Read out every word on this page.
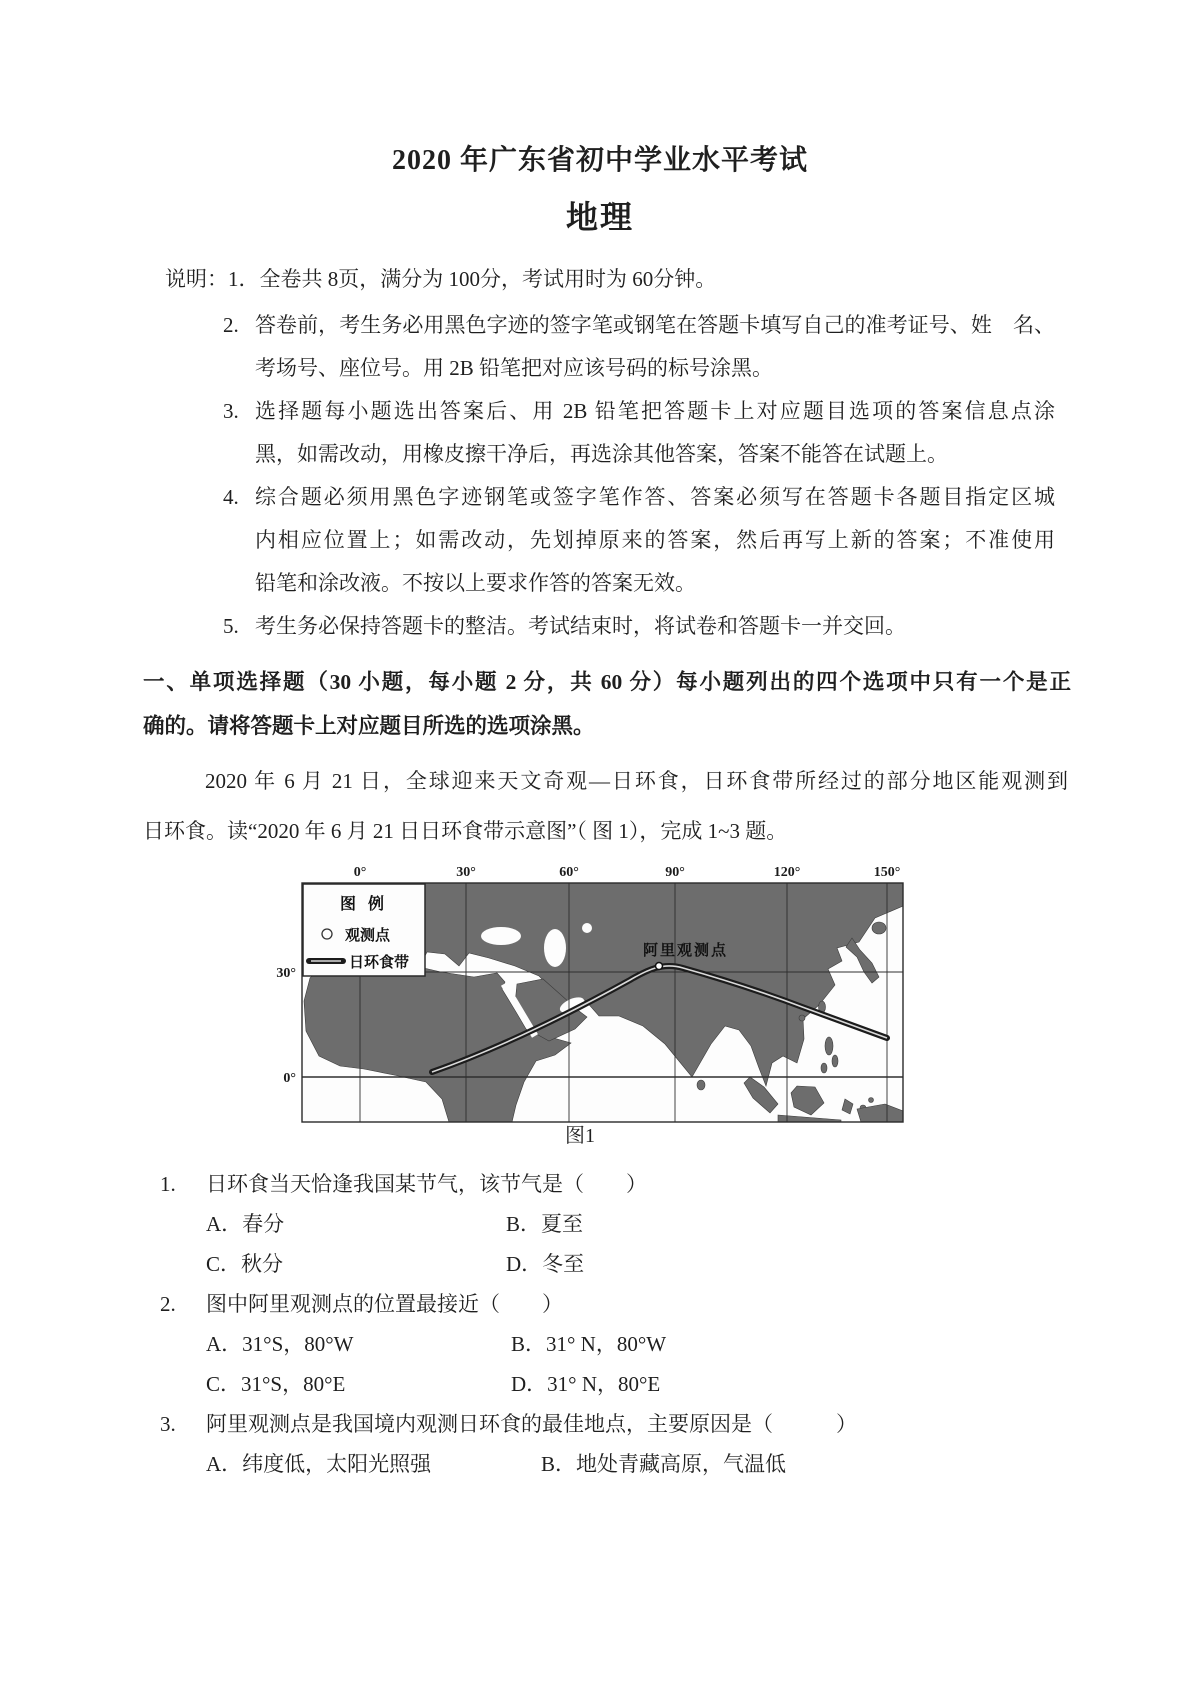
2020 年广东省初中学业水平考试
地理
说明：1．全卷共 8页，满分为 100分，考试用时为 60分钟。
2. 答卷前，考生务必用黑色字迹的签字笔或钢笔在答题卡填写自己的准考证号、姓　名、
考场号、座位号。用 2B 铅笔把对应该号码的标号涂黑。
3. 选择题每小题选出答案后、用 2B 铅笔把答题卡上对应题目选项的答案信息点涂
黑，如需改动，用橡皮擦干净后，再选涂其他答案，答案不能答在试题上。
4. 综合题必须用黑色字迹钢笔或签字笔作答、答案必须写在答题卡各题目指定区城
内相应位置上；如需改动，先划掉原来的答案，然后再写上新的答案；不准使用
铅笔和涂改液。不按以上要求作答的答案无效。
5. 考生务必保持答题卡的整洁。考试结束时，将试卷和答题卡一并交回。
一、单项选择题（30 小题，每小题 2 分，共 60 分）每小题列出的四个选项中只有一个是正
确的。请将答题卡上对应题目所选的选项涂黑。
2020 年 6 月 21 日，全球迎来天文奇观—日环食，日环食带所经过的部分地区能观测到
日环食。读“2020 年 6 月 21 日日环食带示意图”（ 图 1），完成 1~3 题。
阿里观测点
0°	30°	60°	90°	120°	150°
30°
0°
图 例
观测点
日环食带
图1
1.	日环食当天恰逢我国某节气，该节气是（　　）
A．春分	B．夏至
C．秋分	D．冬至
2.	图中阿里观测点的位置最接近（　　）
A．31°S，80°W	B．31° N，80°W
C．31°S，80°E	D．31° N，80°E
3.	阿里观测点是我国境内观测日环食的最佳地点，主要原因是（　　　）
A．纬度低，太阳光照强	B．地处青藏高原，气温低
